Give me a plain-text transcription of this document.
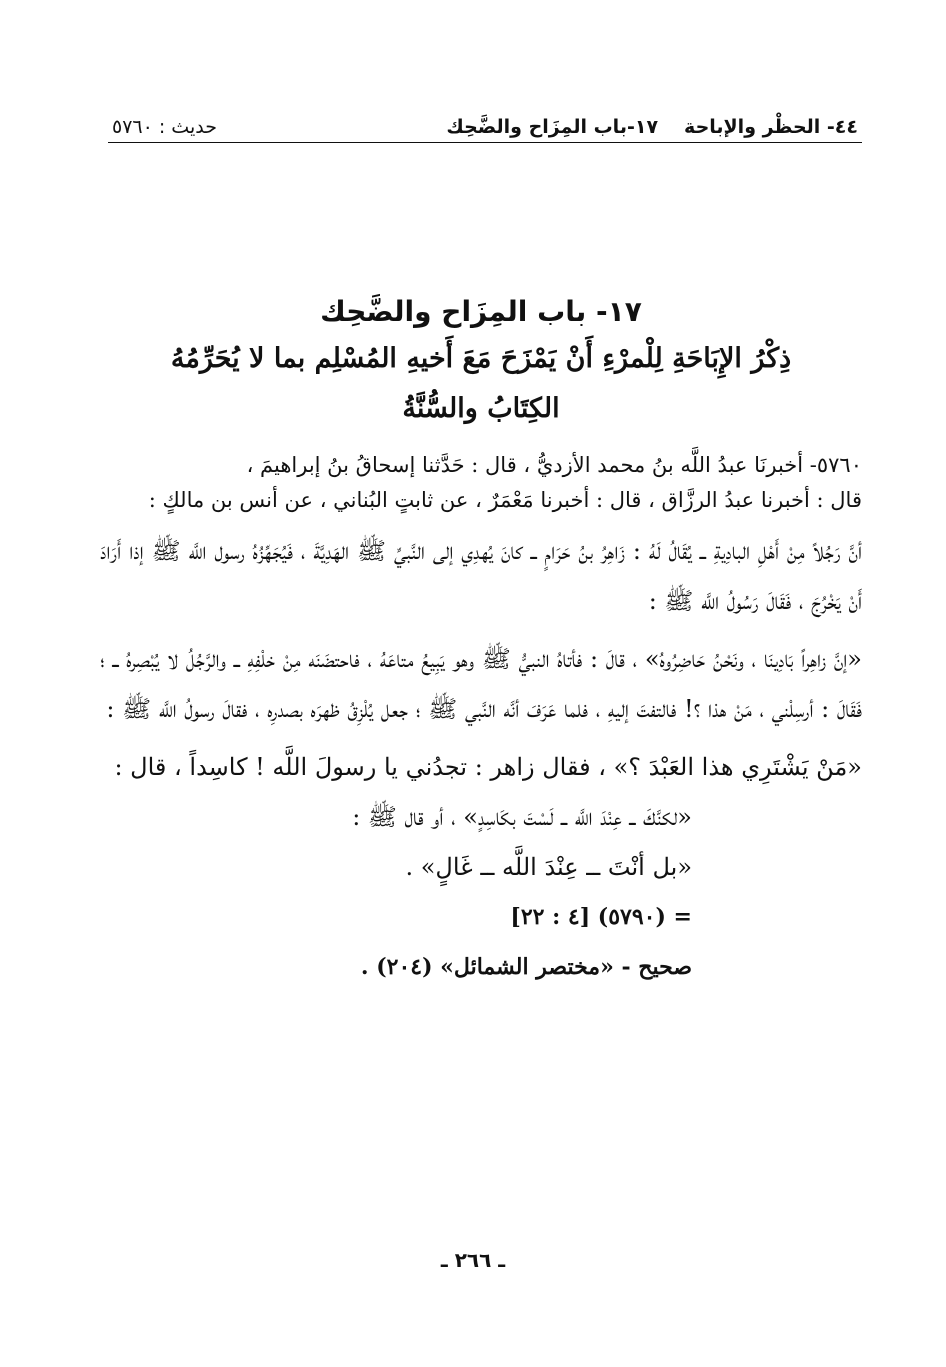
٤٤- الحظْر والإباحة
١٧-باب المِزَاح والضَّحِك
حديث : ٥٧٦٠

١٧- باب المِزَاح والضَّحِك

ذِكْرُ الإِبَاحَةِ لِلْمرْءِ أَنْ يَمْزَحَ مَعَ أَخيهِ المُسْلِم بما لا يُحَرِّمُهُ

الكِتَابُ والسُّنَّةُ

٥٧٦٠- أخبرنَا عبدُ اللَّه بنُ محمد الأزديُّ ، قال : حَدَّثنا إسحاقُ بنُ إبراهيمَ ،

قال : أخبرنا عبدُ الرزَّاق ، قال : أخبرنا مَعْمَرٌ ، عن ثابتٍ البُناني ، عن أنس بن مالكٍ :

أنَّ رَجُلاً مِنْ أَهْلِ البادِيةِ ــ يُقَالُ لَهُ : زَاهِرُ بنُ حَرَامٍ ــ كانَ يُهدِي إلى النَّبيِّ ﷺ الهَدِيَّةَ ، فَيُجَهِّزُهُ رسول اللَّه ﷺ إذا أَرَادَ أَنْ يَخْرُجَ ، فَقَالَ رَسُولُ اللَّه ﷺ :

«إنَّ زاهِراً بَادِينَا ، ونَحْنُ حَاضِرُوهُ» ، قالَ : فأتاهُ النبيُّ ﷺ وهو يَبِيعُ متاعَهُ ، فاحتضَنَه مِنْ خلْفِهِ ــ والرَّجُلُ لا يُبْصِرهُ ــ ؛ فَقَالَ : أرسِلْني ، مَنْ هذا ؟! فالتفتَ إليهِ ، فلما عَرَفَ أنَّه النَّبي ﷺ ؛ جعل يُلْزِقُ ظهرَه بصدرِه ، فقالَ رسولُ اللَّه ﷺ :

«مَنْ يَشْتَرِي هذا العَبْدَ ؟» ، فقال زاهر : تجدُني يا رسولَ اللَّه ! كاسِداً ، قال :

«لكنَّكَ ــ عِنْدَ اللَّه ــ لَسْتَ بكَاسِدٍ» ، أو قال ﷺ :

«بل أنْتَ ــ عِنْدَ اللَّه ــ غَالٍ» .

= (٥٧٩٠) [٤ : ٢٢]

صحيح - «مختصر الشمائل» (٢٠٤) .

ـ ٢٦٦ ـ
